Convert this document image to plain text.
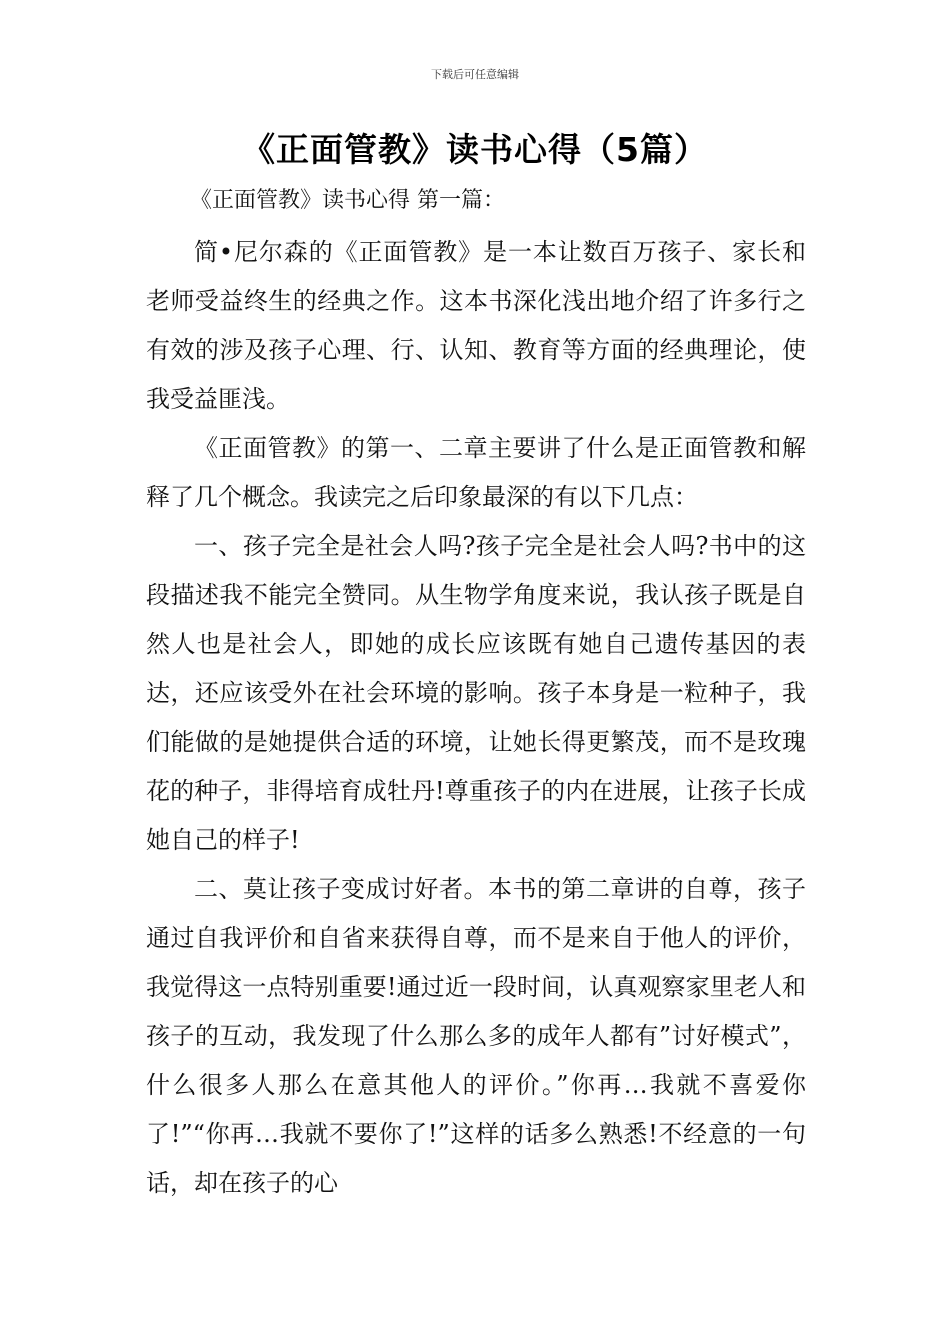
下载后可任意编辑
《正面管教》读书心得（5篇）

《正面管教》读书心得 第一篇：

简•尼尔森的《正面管教》是一本让数百万孩子、家长和老师受益终生的经典之作。这本书深化浅出地介绍了许多行之有效的涉及孩子心理、行、认知、教育等方面的经典理论，使我受益匪浅。

《正面管教》的第一、二章主要讲了什么是正面管教和解释了几个概念。我读完之后印象最深的有以下几点：

一、孩子完全是社会人吗?孩子完全是社会人吗?书中的这段描述我不能完全赞同。从生物学角度来说，我认孩子既是自然人也是社会人，即她的成长应该既有她自己遗传基因的表达，还应该受外在社会环境的影响。孩子本身是一粒种子，我们能做的是她提供合适的环境，让她长得更繁茂，而不是玫瑰花的种子，非得培育成牡丹!尊重孩子的内在进展，让孩子长成她自己的样子!

二、莫让孩子变成讨好者。本书的第二章讲的自尊，孩子通过自我评价和自省来获得自尊，而不是来自于他人的评价，我觉得这一点特别重要!通过近一段时间，认真观察家里老人和孩子的互动，我发现了什么那么多的成年人都有”讨好模式”，什么很多人那么在意其他人的评价。”你再…我就不喜爱你了!”“你再…我就不要你了!”这样的话多么熟悉!不经意的一句话，却在孩子的心
